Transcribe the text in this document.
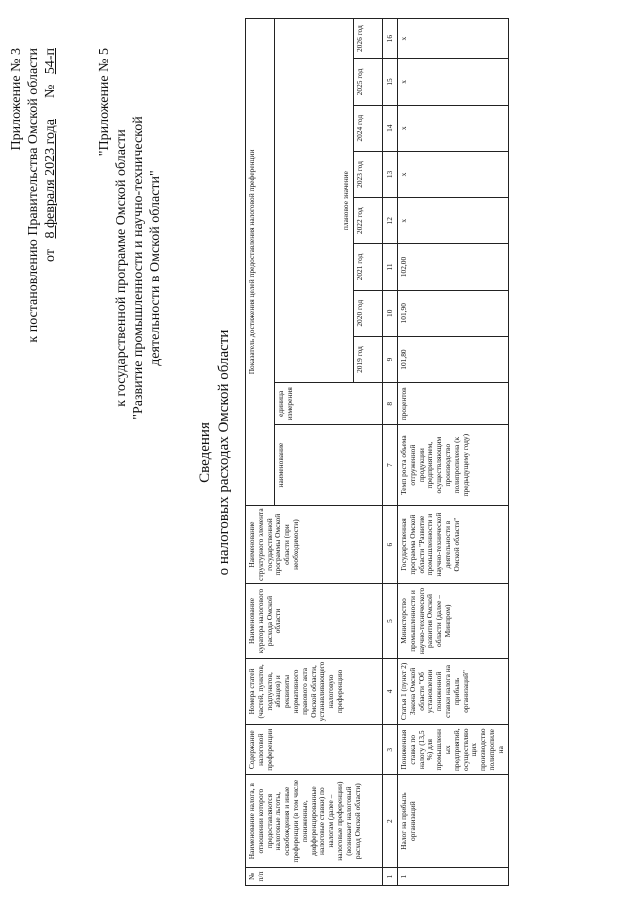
Приложение № 3 к постановлению Правительства Омской области от   8 февраля 2023 года      №   54-п	"Приложение № 5
к государственной программе Омской области "Развитие промышленности и научно-технической деятельности в Омской области"
Сведения о налоговых расходах Омской области
№ п/п	Наименование налога, в отношении которого предоставляются налоговые льготы, освобождения и иные преференции (в том числе пониженные, дифференцированные налоговые ставки) по налогам (далее – налоговые преференции) (возникает налоговый расход Омской области)	Содержание налоговой преференции	Номера статей (частей, пунктов, подпунктов, абзацев) и реквизиты нормативного правового акта Омской области, устанавливающего налоговую преференцию	Наименование куратора налогового расхода Омской области	Наименование структурного элемента государственной программы Омской области (при необходимости)	Показатель достижения целей предоставления налоговой преференции									
						наименование	единица измерения	плановое значение							
								2019 год	2020 год	2021 год	2022 год	2023 год	2024 год	2025 год	2026 год
1	2	3	4	5	6	7	8	9	10	11	12	13	14	15	16
1	Налог на прибыль организаций	Пониженная ставка по налогу (13,5 %) для промышленных предприятий, осуществляющих производство полипропилена	Статья 1 (пункт 2) Закона Омской области "Об установлении пониженной ставки налога на прибыль организаций"	Министерство промышленности и научно-технического развития Омской области (далее – Минпром)	Государственная программа Омской области "Развитие промышленности и научно-технической деятельности в Омской области"	Темп роста объема отгруженной продукции предприятием, осуществляющим производство полипропилена (к предыдущему году)	процентов	101,80	101,90	102,00	x	x	x	x	x
